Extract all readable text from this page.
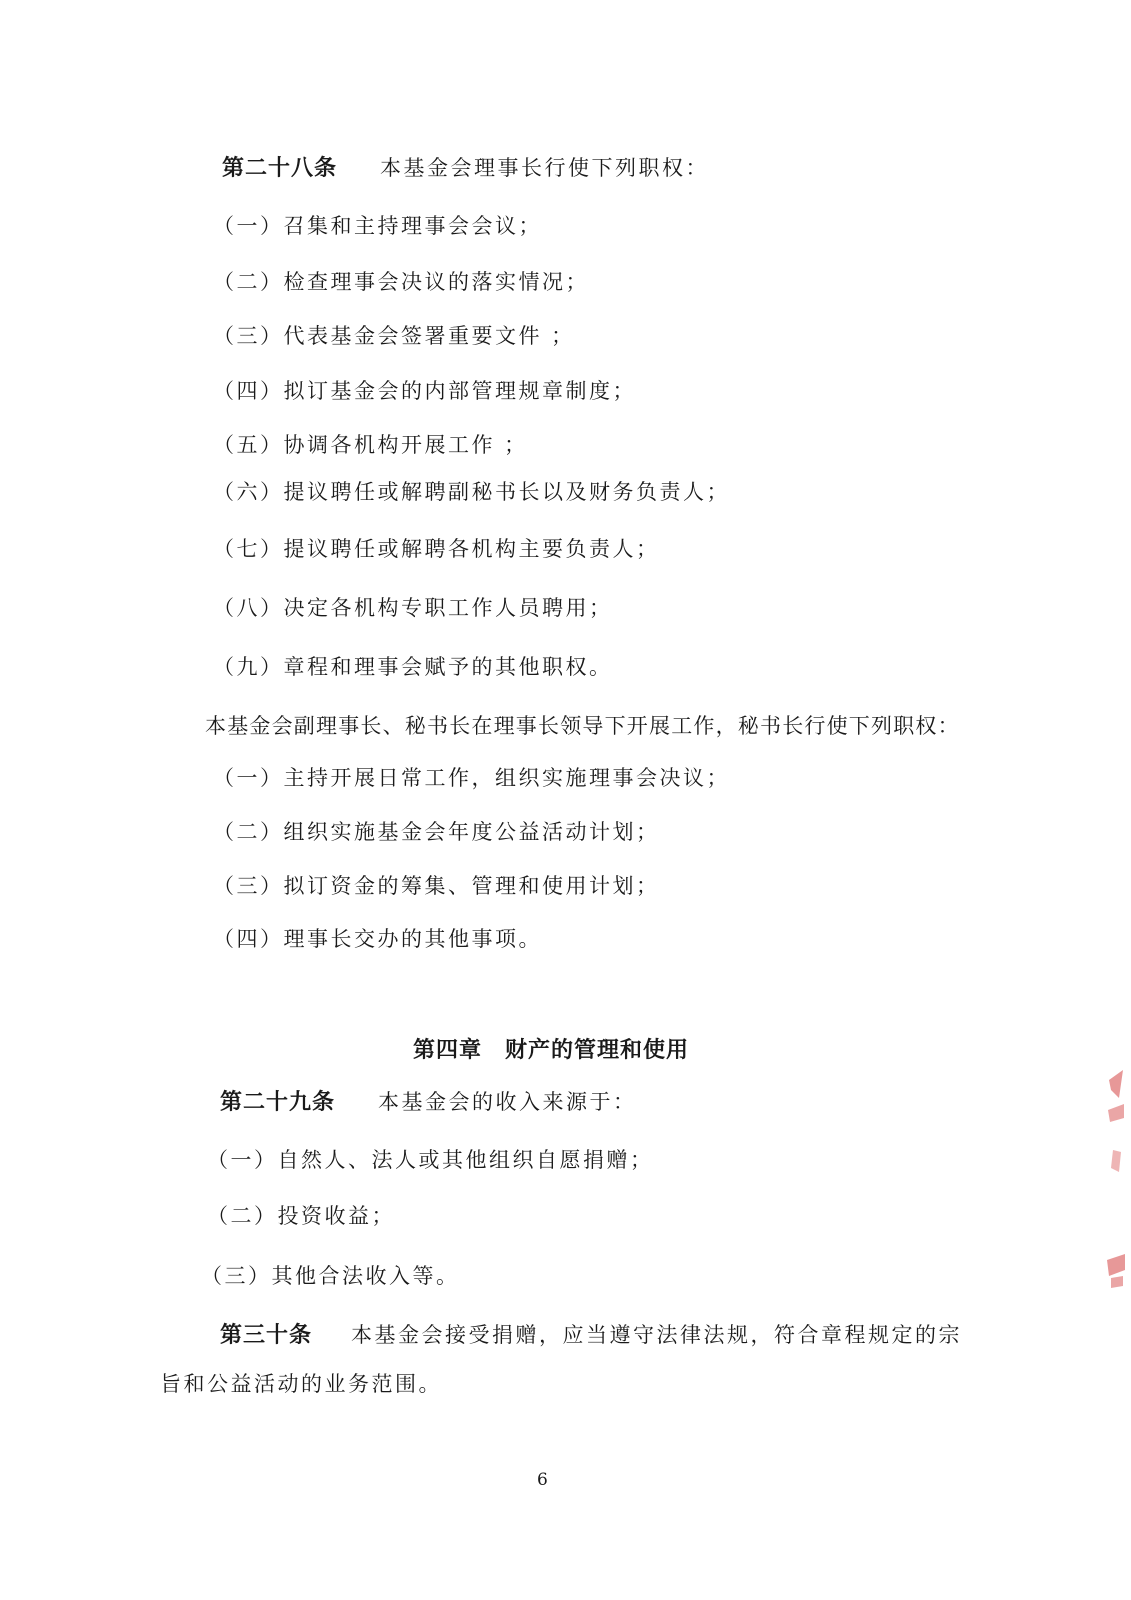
第二十八条 本基金会理事长行使下列职权：
（一）召集和主持理事会会议；
（二）检查理事会决议的落实情况；
（三）代表基金会签署重要文件 ；
（四）拟订基金会的内部管理规章制度；
（五）协调各机构开展工作 ；
（六）提议聘任或解聘副秘书长以及财务负责人；
（七）提议聘任或解聘各机构主要负责人；
（八）决定各机构专职工作人员聘用；
（九）章程和理事会赋予的其他职权。
本基金会副理事长、秘书长在理事长领导下开展工作，秘书长行使下列职权：
（一）主持开展日常工作，组织实施理事会决议；
（二）组织实施基金会年度公益活动计划；
（三）拟订资金的筹集、管理和使用计划；
（四）理事长交办的其他事项。
第四章　财产的管理和使用
第二十九条 本基金会的收入来源于：
（一）自然人、法人或其他组织自愿捐赠；
（二）投资收益；
（三）其他合法收入等。
第三十条 本基金会接受捐赠，应当遵守法律法规，符合章程规定的宗
旨和公益活动的业务范围。
6
